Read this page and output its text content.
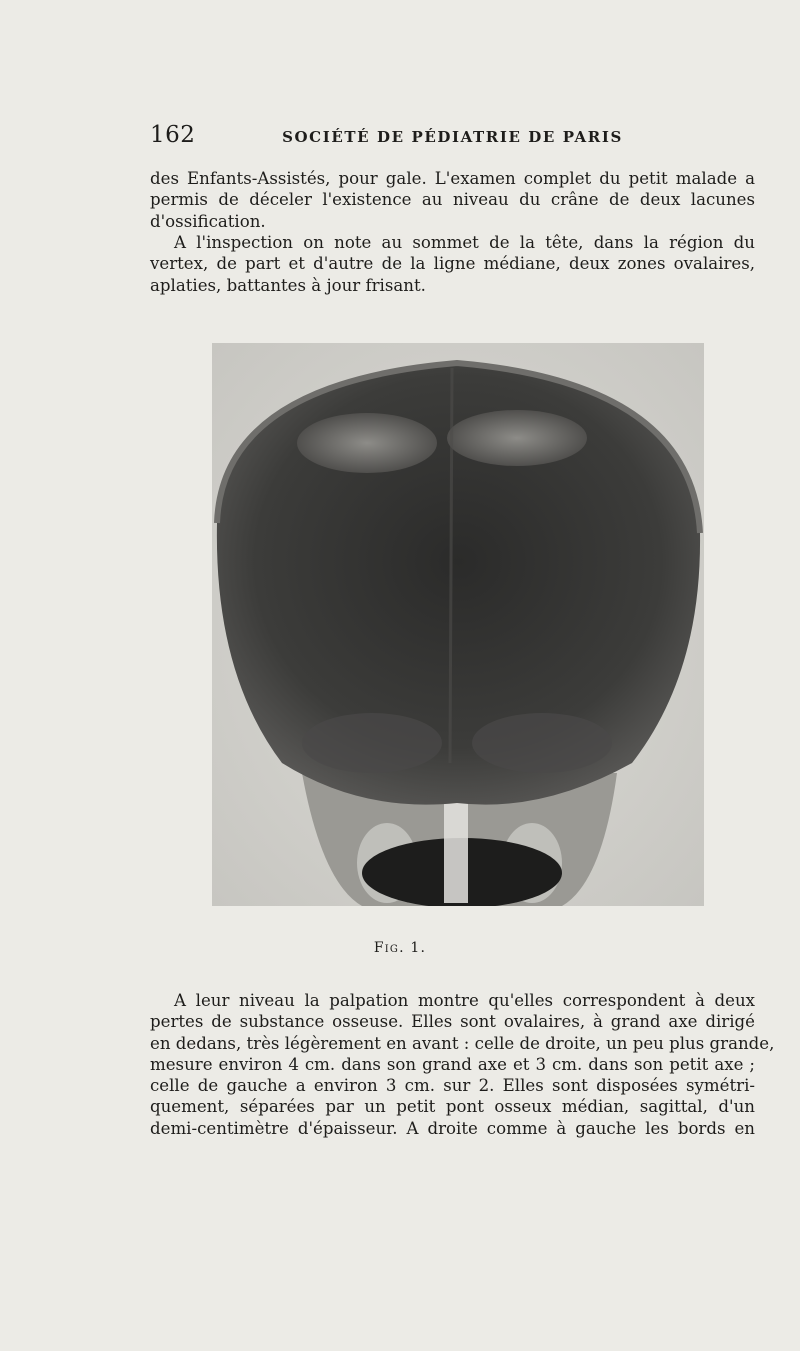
162	SOCIÉTÉ DE PÉDIATRIE DE PARIS

des Enfants-Assistés, pour gale. L'examen complet du petit malade a
permis de déceler l'existence au niveau du crâne de deux lacunes
d'ossification.

A l'inspection on note au sommet de la tête, dans la région du
vertex, de part et d'autre de la ligne médiane, deux zones ovalaires,
aplaties, battantes à jour frisant.

Fig. 1.

A leur niveau la palpation montre qu'elles correspondent à deux
pertes de substance osseuse. Elles sont ovalaires, à grand axe dirigé
en dedans, très légèrement en avant : celle de droite, un peu plus grande,
mesure environ 4 cm. dans son grand axe et 3 cm. dans son petit axe ;
celle de gauche a environ 3 cm. sur 2. Elles sont disposées symétri-
quement, séparées par un petit pont osseux médian, sagittal, d'un
demi-centimètre d'épaisseur. A droite comme à gauche les bords en
